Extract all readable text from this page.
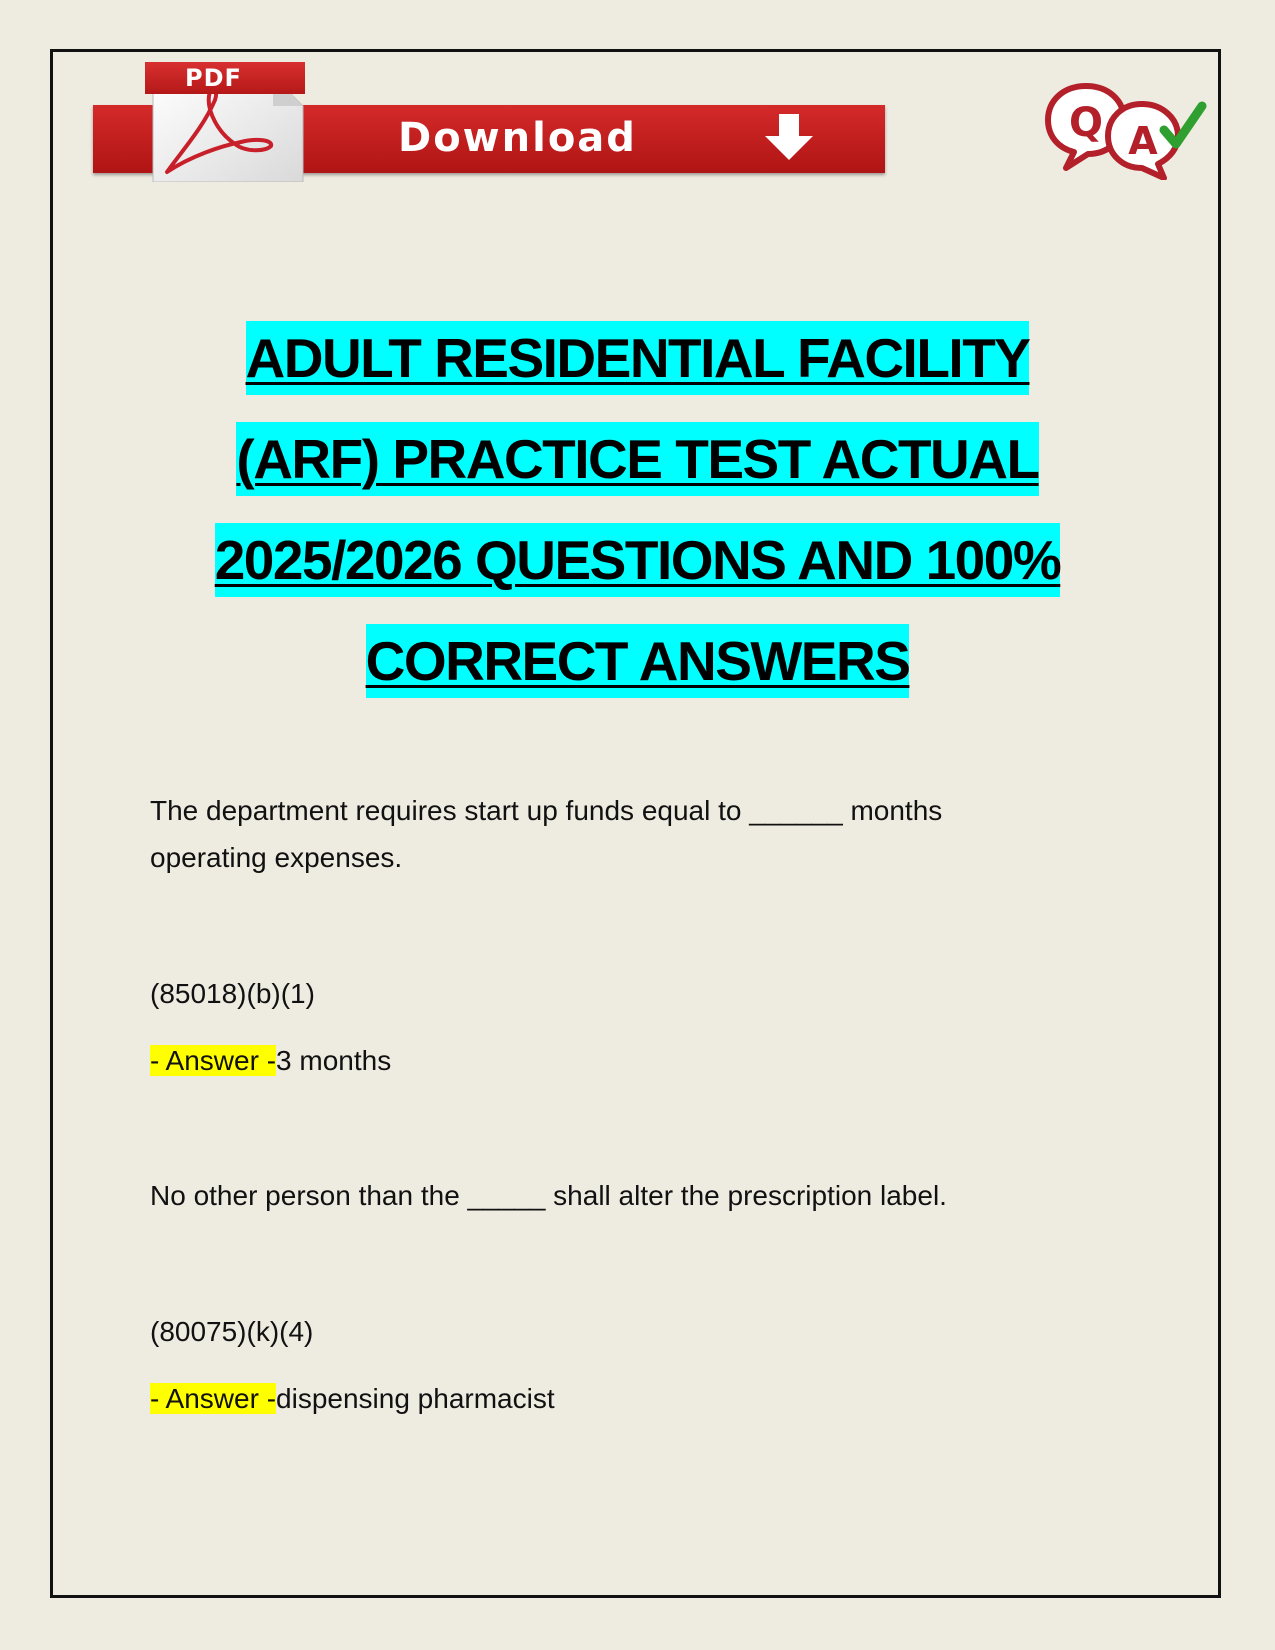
Download
PDF
Q A
ADULT RESIDENTIAL FACILITY
(ARF) PRACTICE TEST ACTUAL
2025/2026 QUESTIONS AND 100%
CORRECT ANSWERS
The department requires start up funds equal to ______ months
operating expenses.
(85018)(b)(1)
- Answer -3 months
No other person than the _____ shall alter the prescription label.
(80075)(k)(4)
- Answer -dispensing pharmacist
